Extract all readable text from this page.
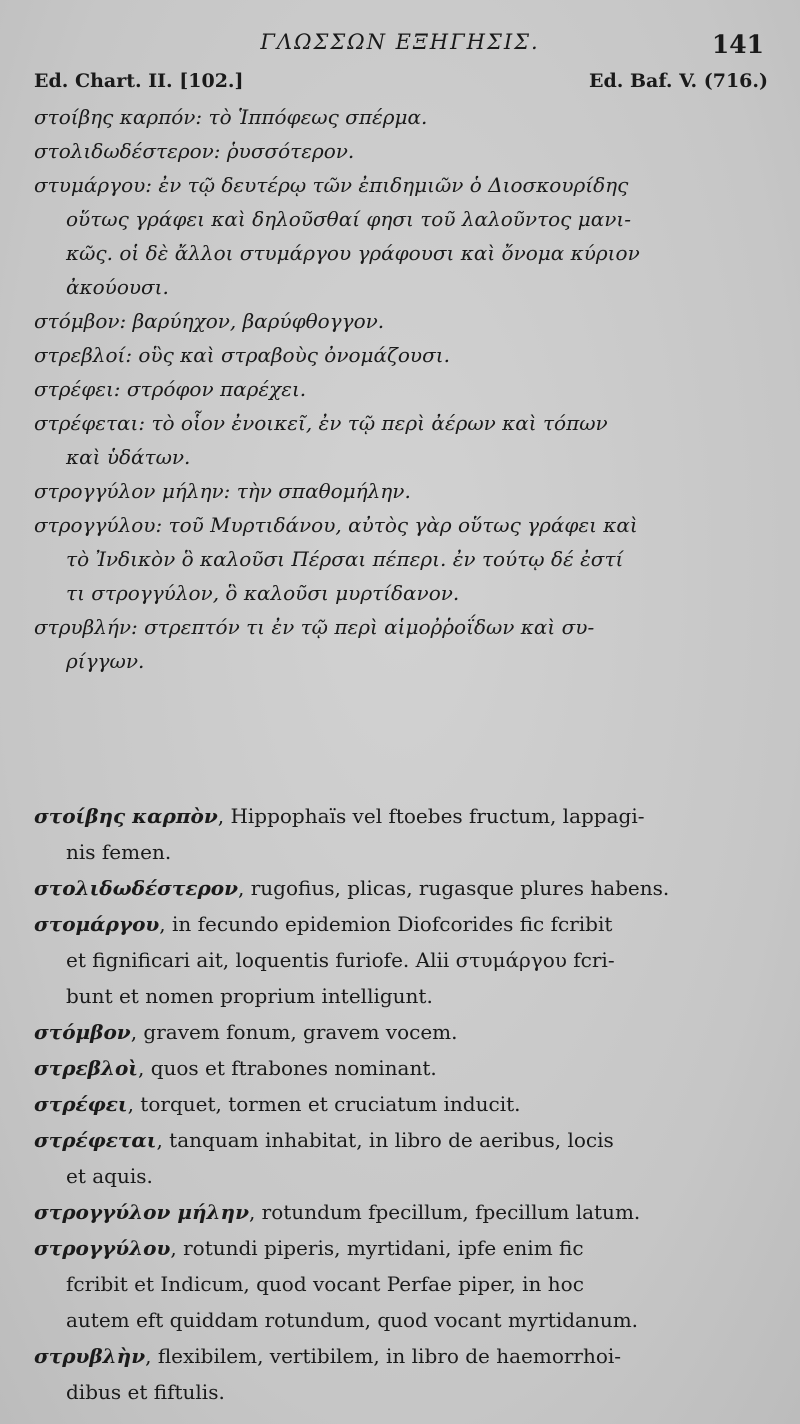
ΓΛΩΣΣΩΝ ΕΞΗΓΗΣΙΣ.	141
Ed. Chart. II. [102.]	Ed. Baf. V. (716.)
στοίβης καρπόν: τὸ Ἱππόφεως σπέρμα.
στολιδωδέστερον: ῥυσσότερον.
στυμάργου: ἐν τῷ δευτέρῳ τῶν ἐπιδημιῶν ὁ Διοσκουρίδης
οὕτως γράφει καὶ δηλοῦσθαί φησι τοῦ λαλοῦντος μανι-
κῶς. οἱ δὲ ἄλλοι στυμάργου γράφουσι καὶ ὄνομα κύριον
ἀκούουσι.
στόμβον: βαρύηχον, βαρύφθογγον.
στρεβλοί: οὓς καὶ στραβοὺς ὀνομάζουσι.
στρέφει: στρόφον παρέχει.
στρέφεται: τὸ οἷον ἐνοικεῖ, ἐν τῷ περὶ ἀέρων καὶ τόπων
καὶ ὑδάτων.
στρογγύλον μήλην: τὴν σπαθομήλην.
στρογγύλου: τοῦ Μυρτιδάνου, αὐτὸς γὰρ οὕτως γράφει καὶ
τὸ Ἰνδικὸν ὃ καλοῦσι Πέρσαι πέπερι. ἐν τούτῳ δέ ἐστί
τι στρογγύλον, ὃ καλοῦσι μυρτίδανον.
στρυβλήν: στρεπτόν τι ἐν τῷ περὶ αἱμοῤῥοΐδων καὶ συ-
ρίγγων.
στοίβης καρπὸν, Hippophaïs vel ftoebes fructum, lappagi-
nis femen.
στολιδωδέστερον, rugofius, plicas, rugasque plures habens.
στομάργου, in fecundo epidemion Diofcorides fic fcribit
et fignificari ait, loquentis furiofe. Alii στυμάργου fcri-
bunt et nomen proprium intelligunt.
στόμβον, gravem fonum, gravem vocem.
στρεβλοὶ, quos et ftrabones nominant.
στρέφει, torquet, tormen et cruciatum inducit.
στρέφεται, tanquam inhabitat, in libro de aeribus, locis
et aquis.
στρογγύλον μήλην, rotundum fpecillum, fpecillum latum.
στρογγύλου, rotundi piperis, myrtidani, ipfe enim fic
fcribit et Indicum, quod vocant Perfae piper, in hoc
autem eft quiddam rotundum, quod vocant myrtidanum.
στρυβλὴν, flexibilem, vertibilem, in libro de haemorrhoi-
dibus et fiftulis.
